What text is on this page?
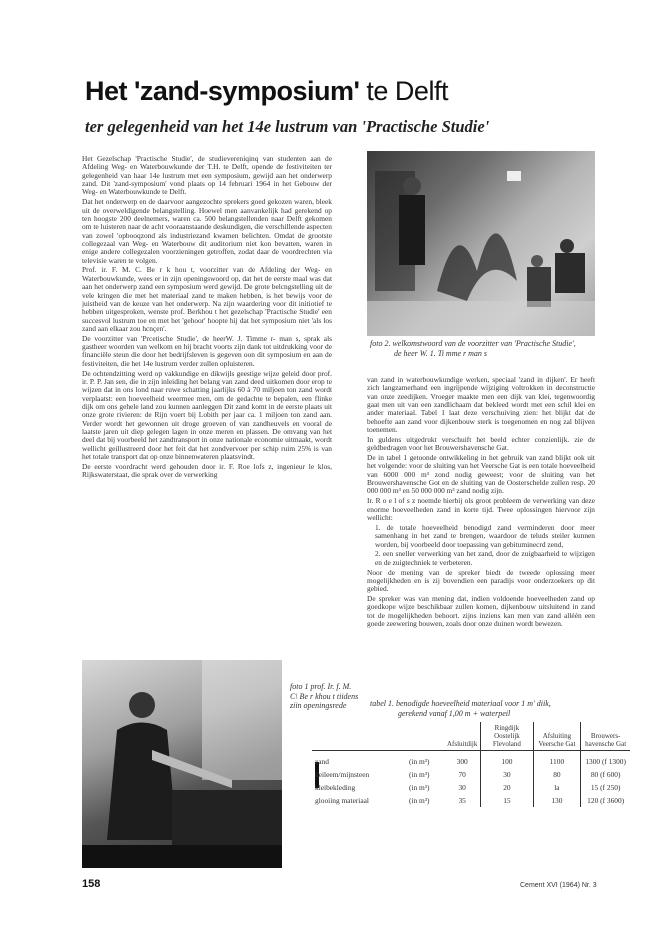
Het 'zand-symposium' te Delft
ter gelegenheid van het 14e lustrum van 'Practische Studie'

Het Gezelschap 'Practische Studie', de studievereniqinq van studenten aan de Afdeling Weg- en Waterbouwkunde der T.H. te Delft, opende de festiviteiten ter gelegenheid van haar 14e lustrum met een symposium, gewijd aan het onderwerp zand. Dit 'zand-symposium' vond plaats op 14 februari 1964 in het Gebouw der Weg- en Waterbouwkunde te Delft.

Dat het onderwerp en de daarvoor aangezochte sprekers goed gekozen waren, bleek uit de overweldigende belangstelling. Hoewel men aanvankelijk had gerekend op ten hoogste 200 deelnemers, waren ca. 500 belangstellenden naar Delft gekomen om te luisteren naar de acht vooraanstaande deskundigen, die verschillende aspecten van zowel 'opbooqzond als industriezand kwamen belichten. Omdat de grootste collegezaal van Weg- en Waterbouw dit auditorium niet kon bevatten, waren in enige andere collegezalen voorzieningen getroffen, zodat daar de voordrechten via televisie waren te volgen.

Prof. ir. F. M. C. Be r k hou t, voorzitter van de Afdeling der Weg- en Waterbouwkunde, wees er in zijn openingswoord op, dat het de eerste maal was dat aan het onderwerp zand een symposium werd gewijd. De grote belcngstelling uit de vele kringen die met het materiaal zand te maken hebben, is het bewijs voor de juistheid van de keuze van het onderwerp. Na zijn waardering voor dit initiotief te hebben uitgesproken, wenste prof. Berkhou t het gezelschap 'Practische Studie' een succesvol lustrum toe en met het 'gehoor' hoopte hij dat het symposium niet 'als los zand aan elkaar zou hcnçen'.

De voorzitter van 'Prcetische Studie', de heerW. J. Timme r- man s, sprak als gastheer woorden van welkom en hij bracht voorts zijn dank tot uitdrukking voor de financiële steun die door het bedrijfsleven is gegeven oon dit symposium en aan de festiviteiten, die het 14e lustrum verder zullen opluisteren.

De ochtendzitting werd op vakkundige en dikwijls geestige wijze geleid door prof. ir. P. P. Jan sen, die in zijn inleiding het belang van zand deed uitkomen door erop te wijzen dat in ons lond naar ruwe schatting jaarlijks 60 à 70 miljoen ton zand wordt verplaatst: een hoeveelheid weermee men, om de gedachte te bepalen, een flinke dijk om ons gehele land zou kunnen aanleggen Dit zand komt in de eerste plaats uit onze grote rivieren: de Rijn voert bij Lobith per jaar ca. 1 miljoen ton zand aan. Verder wordt het gewonnen uit droge groeven of van zandheuvels en vooral de laatste jaren uit diep gelegen lagen in onze meren en plassen. De omvang van het deel dat bij voorbeeld het zandtransport in onze nationale economie uitmaakt, wordt wellicht geillustreerd door het feit dat het zondvervoer per schip ruim 25% is van het totale transport dat op onze binnenwateren plaatsvindt.

De eerste voordracht werd gehouden door ir. F. Roe lofs z, ingenieur le klos, Rijkswaterstaat, die sprak over de verwerking

foto 2. welkomstwoord van de voorzitter van 'Practische Studie',
de heer W. 1. Ti mme r man s

van zand in waterbouwkundige werken, speciaal 'zand in dijken'. Er heeft zich langzamerhand een ingrijpende wijziging voltrokken in deconstructie van onze zeedijken. Vroeger maakte men een dijk van klei, tegenwoordig gaat men uit van een zandlichaam dat bekleed wordt met een schil klei en ander materiaal. Tabel 1 laat deze verschuiving zien: het blijkt dat de behoefte aan zand voor dijkenbouw sterk is toegenomen en nog zal blijven toenemen.

In guldens uitgedrukt verschuift het beeld echter conzienlijk. zie de geldbedragen voor het Brouwershavensche Gat.

De in tabel 1 getoonde ontwikkeling in het gebruik van zand blijkt ook uit het volgende: voor de sluiting van het Veersche Gat is een totale hoeveelheid van 6000 000 m³ zond nodig geweest; voor de sluiting van het Brouwershavensche Got en de sluiting van de Oosterschelde zullen resp. 20 000 000 m³ en 50 000 000 m³ zand nodig zijn.

Ir. R o e l of s z noemde hierbij ols groot probleem de verwerking van deze enorme hoeveelheden zand in korte tijd. Twee oplossingen hiervoor zijn wellicht:

1. de totale hoeveelheid benodigd zand verminderen door meer samenhang in het zand te brengen, waardoor de teluds steiler kunnen worden, bij voorbeeld door toepassing van gebituminecrd zend,

2. een sneller verwerking van het zand, door de zuigbaarheid te wijzigen en de zuigtechniek te verbeteren.

Noor de mening van de spreker biedt de tweede oplossing meer mogelijkheden en is zij bovendien een paradijs voor onderzoekers op dit gebied.

De spreker was van mening dat, indien voldoende hoeveelheden zand op goedkope wijze beschikbaar zullen komen, dijkenbouw uitsluitend in zand tot de mogelijkheden behoort. zijns inziens kan men van zand alléén een goede zeewering bouwen, zoals door onze duinen wordt bewezen.

foto 1 prof. Ir. f. M. C\ Be r khou t tiidens ziin openingsrede	tabel 1. benodigde hoeveelheid materiaal voor 1 m' diik,
gerekend vanaf 1,00 m + waterpeil
		Afsluitdijk	Ringdijk Oostelijk Flevoland	Afsluiting Veersche Gat	Brouwers-havensche Gat
zand	(in m³)	300	100	1100	1300 (f 1300)
keileem/mijnsteen	(in m³)	70	30	80	80 (f 600)
kleibekleding	(in m³)	30	20	la	15 (f 250)
glooiing materiaal	(in m³)	35	15	130	120 (f 3600)
158	Cement XVI (1964) Nr. 3
